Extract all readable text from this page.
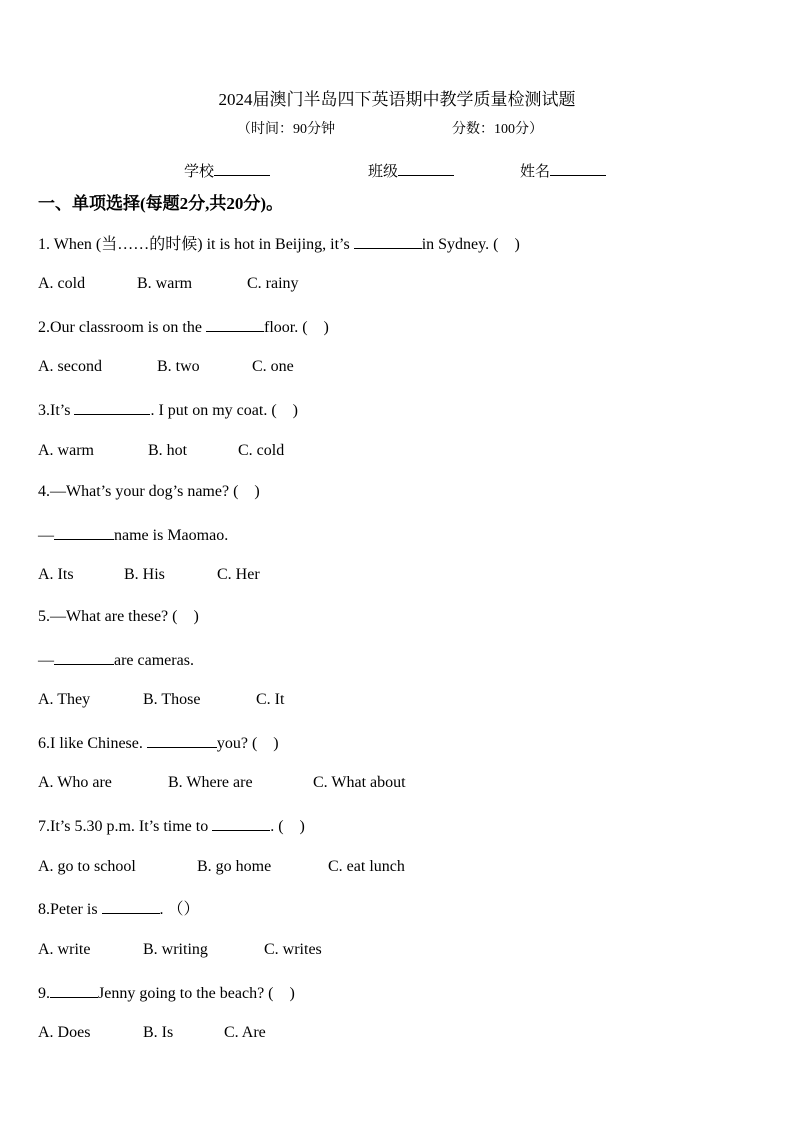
2024届澳门半岛四下英语期中教学质量检测试题
（时间：90分钟	分数：100分）
学校	班级	姓名
一、单项选择(每题2分,共20分)。
1. When (当……的时候) it is hot in Beijing, it’s	in Sydney. (　)
A. cold	B. warm	C. rainy
2.Our classroom is on the	floor. (　)
A. second	B. two	C. one
3.It’s	. I put on my coat. (　)
A. warm	B. hot	C. cold
4.—What’s your dog’s name? (　)
—	name is Maomao.
A. Its	B. His	C. Her
5.—What are these? (　)
—	are cameras.
A. They	B. Those	C. It
6.I like Chinese.	you? (　)
A. Who are	B. Where are	C. What about
7.It’s 5.30 p.m. It’s time to	. (　)
A. go to school	B. go home	C. eat lunch
8.Peter is	. （）
A. write	B. writing	C. writes
9.	Jenny going to the beach? (　)
A. Does	B. Is	C. Are
